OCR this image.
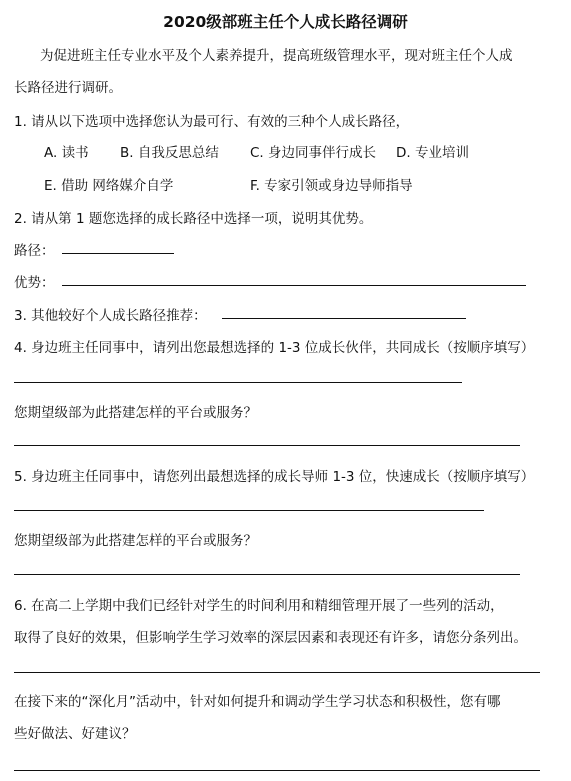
2020级部班主任个人成长路径调研
为促进班主任专业水平及个人素养提升，提高班级管理水平，现对班主任个人成
长路径进行调研。
1. 请从以下选项中选择您认为最可行、有效的三种个人成长路径，
A. 读书 B. 自我反思总结 C. 身边同事伴行成长 D. 专业培训
E. 借助 网络媒介自学	F. 专家引领或身边导师指导
2. 请从第 1 题您选择的成长路径中选择一项，说明其优势。
路径：
优势：
3. 其他较好个人成长路径推荐：
4. 身边班主任同事中，请列出您最想选择的 1-3 位成长伙伴，共同成长（按顺序填写）
您期望级部为此搭建怎样的平台或服务？
5. 身边班主任同事中，请您列出最想选择的成长导师 1-3 位，快速成长（按顺序填写）
您期望级部为此搭建怎样的平台或服务？
6. 在高二上学期中我们已经针对学生的时间利用和精细管理开展了一些列的活动，
取得了良好的效果，但影响学生学习效率的深层因素和表现还有许多，请您分条列出。
在接下来的“深化月”活动中，针对如何提升和调动学生学习状态和积极性，您有哪
些好做法、好建议？
